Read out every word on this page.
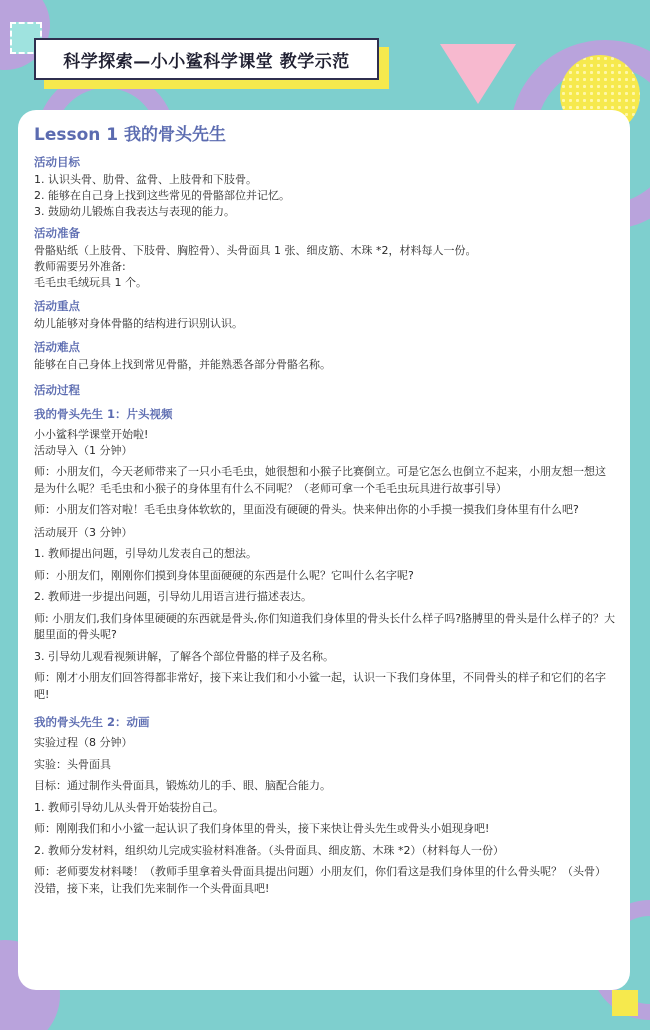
科学探索—小小鲨科学课堂 教学示范
Lesson 1 我的骨头先生
活动目标
1. 认识头骨、肋骨、盆骨、上肢骨和下肢骨。
2. 能够在自己身上找到这些常见的骨骼部位并记忆。
3. 鼓励幼儿锻炼自我表达与表现的能力。
活动准备
骨骼贴纸（上肢骨、下肢骨、胸腔骨）、头骨面具 1 张、细皮筋、木珠 *2，材料每人一份。
教师需要另外准备:
毛毛虫毛绒玩具 1 个。
活动重点
幼儿能够对身体骨骼的结构进行识别认识。
活动难点
能够在自己身体上找到常见骨骼，并能熟悉各部分骨骼名称。
活动过程
我的骨头先生 1：片头视频
小小鲨科学课堂开始啦!
活动导入（1 分钟）
师：小朋友们，今天老师带来了一只小毛毛虫，她很想和小猴子比赛倒立。可是它怎么也倒立不起来，小朋友想一想这是为什么呢？毛毛虫和小猴子的身体里有什么不同呢？（老师可拿一个毛毛虫玩具进行故事引导）
师：小朋友们答对啦！毛毛虫身体软软的，里面没有硬硬的骨头。快来伸出你的小手摸一摸我们身体里有什么吧?
活动展开（3 分钟）
1. 教师提出问题，引导幼儿发表自己的想法。
师：小朋友们，刚刚你们摸到身体里面硬硬的东西是什么呢？它叫什么名字呢?
2. 教师进一步提出问题，引导幼儿用语言进行描述表达。
师: 小朋友们,我们身体里硬硬的东西就是骨头,你们知道我们身体里的骨头长什么样子吗?胳膊里的骨头是什么样子的？大腿里面的骨头呢?
3. 引导幼儿观看视频讲解，了解各个部位骨骼的样子及名称。
师：刚才小朋友们回答得都非常好，接下来让我们和小小鲨一起，认识一下我们身体里，不同骨头的样子和它们的名字吧!
我的骨头先生 2：动画
实验过程（8 分钟）
实验：头骨面具
目标：通过制作头骨面具，锻炼幼儿的手、眼、脑配合能力。
1. 教师引导幼儿从头骨开始装扮自己。
师：刚刚我们和小小鲨一起认识了我们身体里的骨头，接下来快让骨头先生或骨头小姐现身吧!
2. 教师分发材料，组织幼儿完成实验材料准备。（头骨面具、细皮筋、木珠 *2）（材料每人一份）
师：老师要发材料喽！（教师手里拿着头骨面具提出问题）小朋友们，你们看这是我们身体里的什么骨头呢？（头骨）没错，接下来，让我们先来制作一个头骨面具吧!
